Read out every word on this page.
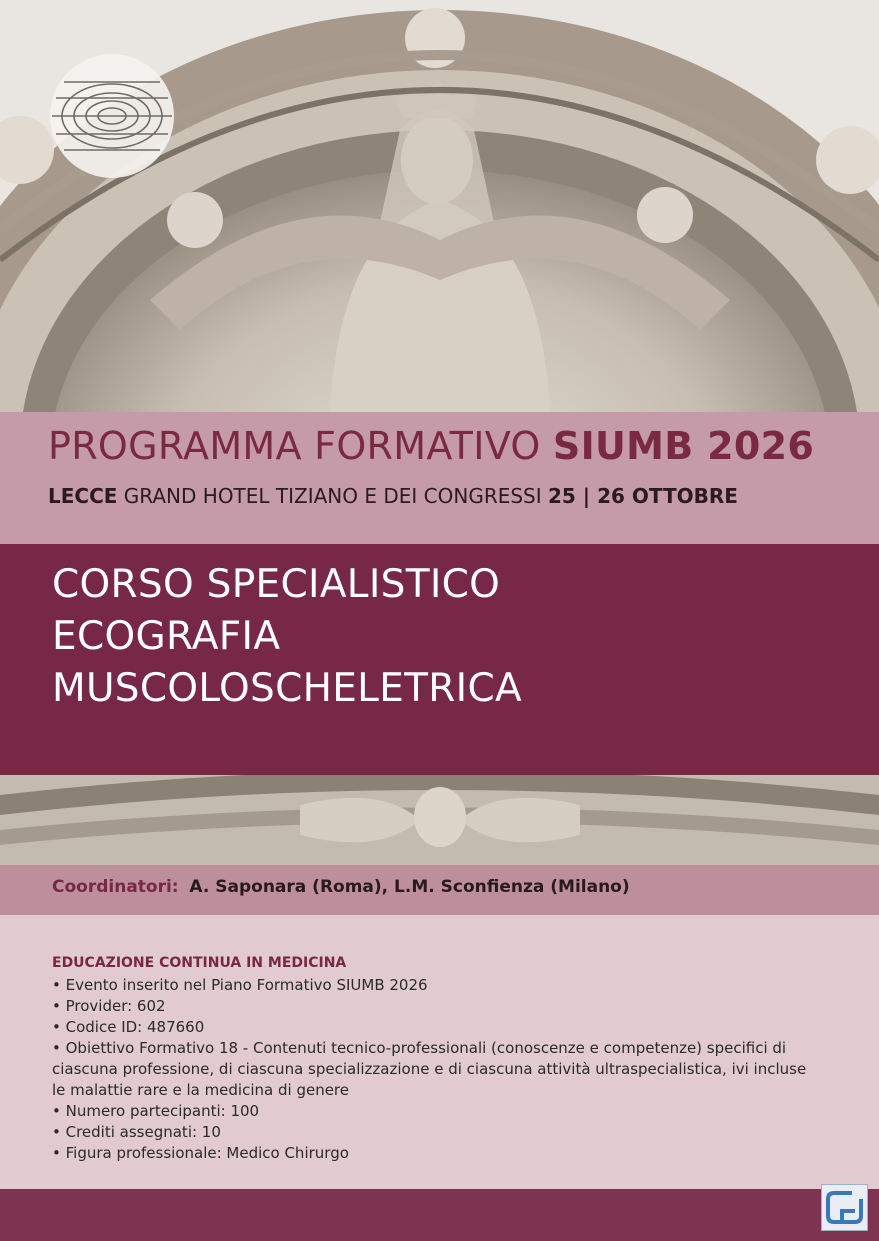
PROGRAMMA FORMATIVO SIUMB 2026
LECCE GRAND HOTEL TIZIANO E DEI CONGRESSI 25 | 26 OTTOBRE
CORSO SPECIALISTICO
ECOGRAFIA
MUSCOLOSCHELETRICA
Coordinatori: A. Saponara (Roma), L.M. Sconfienza (Milano)
EDUCAZIONE CONTINUA IN MEDICINA
• Evento inserito nel Piano Formativo SIUMB 2026
• Provider: 602
• Codice ID: 487660
• Obiettivo Formativo 18 - Contenuti tecnico-professionali (conoscenze e competenze) specifici di ciascuna professione, di ciascuna specializzazione e di ciascuna attività ultraspecialistica, ivi incluse le malattie rare e la medicina di genere
• Numero partecipanti: 100
• Crediti assegnati: 10
• Figura professionale: Medico Chirurgo
